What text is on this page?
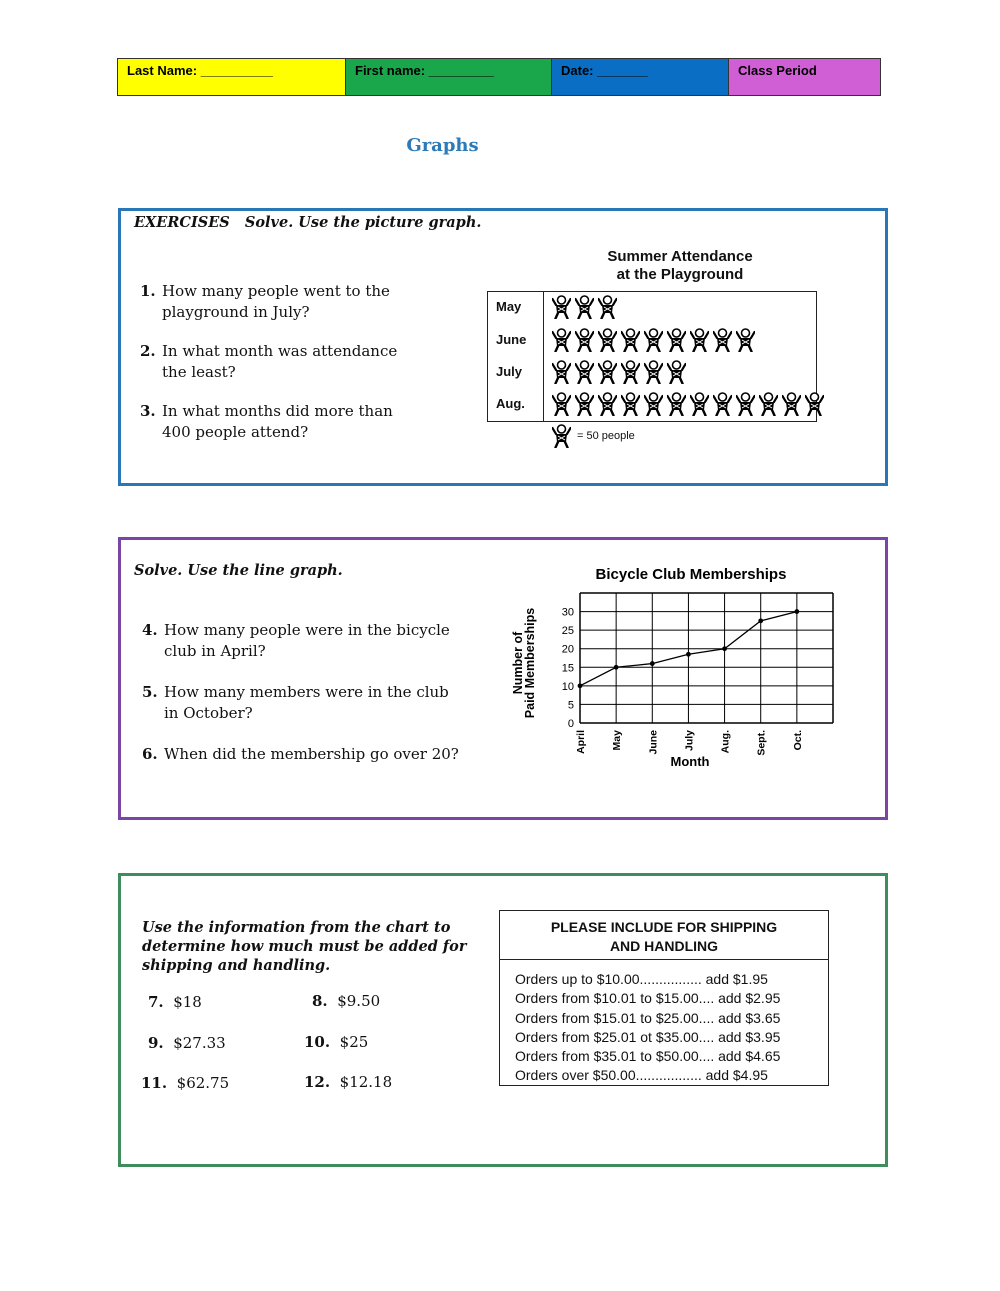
Last Name: __________	First name: _________	Date: _______	Class Period
Graphs
EXERCISES Solve. Use the picture graph.
1. How many people went to the
playground in July?
2. In what month was attendance
the least?
3. In what months did more than
400 people attend?
Summer Attendance
at the Playground
May
June
July
Aug.
= 50 people
Solve. Use the line graph.
4. How many people were in the bicycle
club in April?
5. How many members were in the club
in October?
6. When did the membership go over 20?
Bicycle Club Memberships
0
5
10
15
20
25
30
April May June July Aug. Sept. Oct.
Month
Number of
Paid Memberships
Use the information from the chart to
determine how much must be added for
shipping and handling.
7. $18	8. $9.50
9. $27.33	10. $25
11. $62.75	12. $12.18
PLEASE INCLUDE FOR SHIPPING
AND HANDLING
Orders up to $10.00................ add $1.95
Orders from $10.01 to $15.00.... add $2.95
Orders from $15.01 to $25.00.... add $3.65
Orders from $25.01 ot $35.00.... add $3.95
Orders from $35.01 to $50.00.... add $4.65
Orders over $50.00................. add $4.95
